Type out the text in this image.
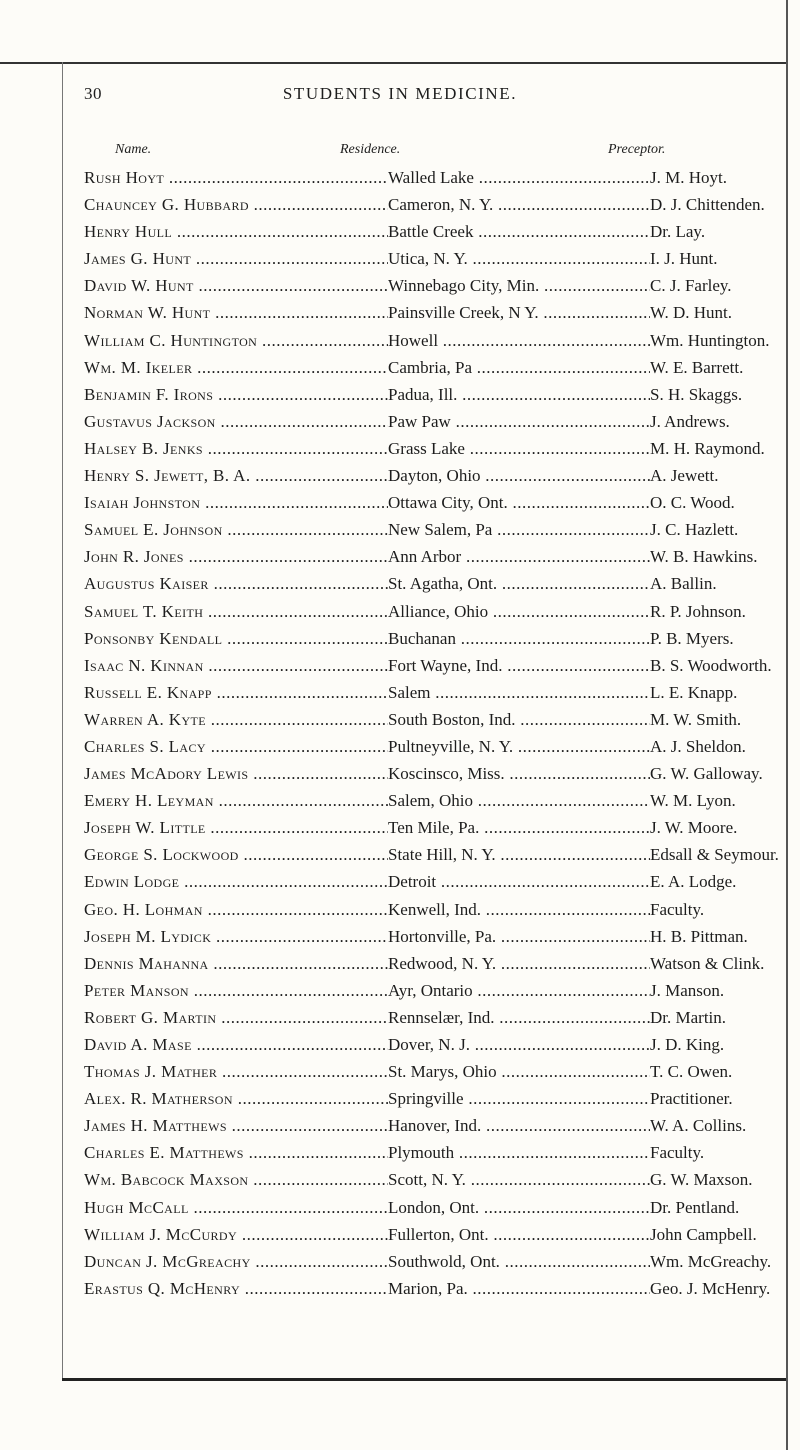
30	STUDENTS IN MEDICINE.
Name.	Residence.	Preceptor.
Rush Hoyt .....	Walled Lake .....	J. M. Hoyt.
Chauncey G. Hubbard .....	Cameron, N. Y. .....	D. J. Chittenden.
Henry Hull .....	Battle Creek .....	Dr. Lay.
James G. Hunt .....	Utica, N. Y. .....	I. J. Hunt.
David W. Hunt .....	Winnebago City, Min. .....	C. J. Farley.
Norman W. Hunt .....	Painsville Creek, N Y. .....	W. D. Hunt.
William C. Huntington .....	Howell .....	Wm. Huntington.
Wm. M. Ikeler .....	Cambria, Pa .....	W. E. Barrett.
Benjamin F. Irons .....	Padua, Ill. .....	S. H. Skaggs.
Gustavus Jackson .....	Paw Paw .....	J. Andrews.
Halsey B. Jenks .....	Grass Lake .....	M. H. Raymond.
Henry S. Jewett, B. A. .....	Dayton, Ohio .....	A. Jewett.
Isaiah Johnston .....	Ottawa City, Ont. .....	O. C. Wood.
Samuel E. Johnson .....	New Salem, Pa .....	J. C. Hazlett.
John R. Jones .....	Ann Arbor .....	W. B. Hawkins.
Augustus Kaiser .....	St. Agatha, Ont. .....	A. Ballin.
Samuel T. Keith .....	Alliance, Ohio .....	R. P. Johnson.
Ponsonby Kendall .....	Buchanan .....	P. B. Myers.
Isaac N. Kinnan .....	Fort Wayne, Ind. .....	B. S. Woodworth.
Russell E. Knapp .....	Salem .....	L. E. Knapp.
Warren A. Kyte .....	South Boston, Ind. .....	M. W. Smith.
Charles S. Lacy .....	Pultneyville, N. Y. .....	A. J. Sheldon.
James McAdory Lewis .....	Koscinsco, Miss. .....	G. W. Galloway.
Emery H. Leyman .....	Salem, Ohio .....	W. M. Lyon.
Joseph W. Little .....	Ten Mile, Pa. .....	J. W. Moore.
George S. Lockwood .....	State Hill, N. Y. .....	Edsall & Seymour.
Edwin Lodge .....	Detroit .....	E. A. Lodge.
Geo. H. Lohman .....	Kenwell, Ind. .....	Faculty.
Joseph M. Lydick .....	Hortonville, Pa. .....	H. B. Pittman.
Dennis Mahanna .....	Redwood, N. Y. .....	Watson & Clink.
Peter Manson .....	Ayr, Ontario .....	J. Manson.
Robert G. Martin .....	Rennselær, Ind. .....	Dr. Martin.
David A. Mase .....	Dover, N. J. .....	J. D. King.
Thomas J. Mather .....	St. Marys, Ohio .....	T. C. Owen.
Alex. R. Matherson .....	Springville .....	Practitioner.
James H. Matthews .....	Hanover, Ind. .....	W. A. Collins.
Charles E. Matthews .....	Plymouth .....	Faculty.
Wm. Babcock Maxson .....	Scott, N. Y. .....	G. W. Maxson.
Hugh McCall .....	London, Ont. .....	Dr. Pentland.
William J. McCurdy .....	Fullerton, Ont. .....	John Campbell.
Duncan J. McGreachy .....	Southwold, Ont. .....	Wm. McGreachy.
Erastus Q. McHenry .....	Marion, Pa. .....	Geo. J. McHenry.
